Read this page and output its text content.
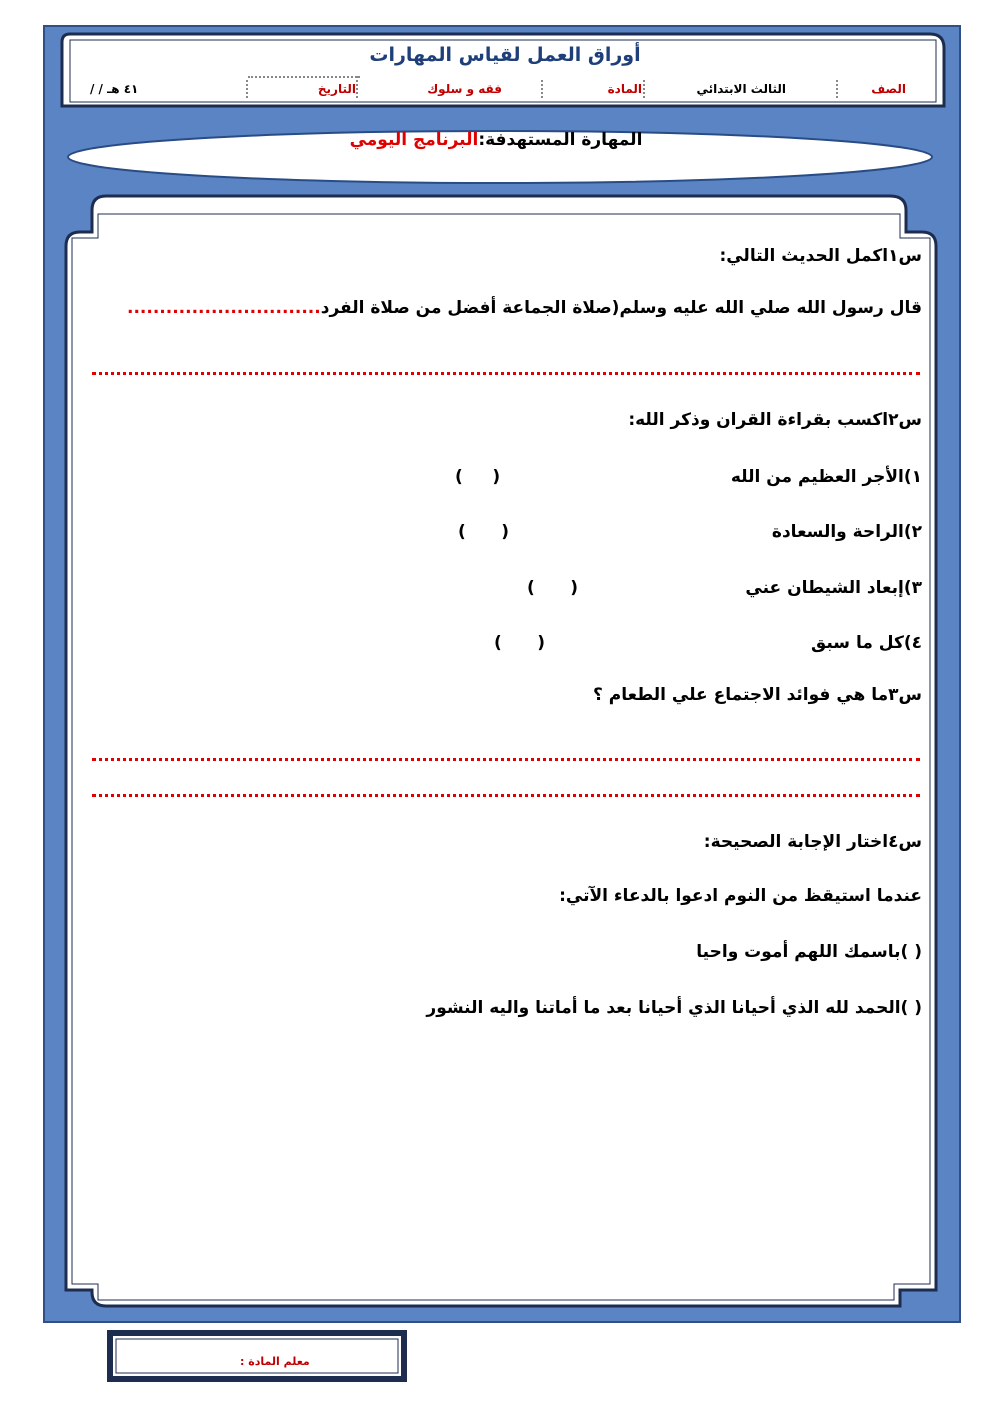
أوراق العمل لقياس المهارات
الصف
الثالث الابتدائي
المادة
فقه و سلوك
التاريخ
/ / ٤١ هـ
المهارة المستهدفة:البرنامج اليومي
س١اكمل الحديث التالي:
قال رسول الله صلي الله عليه وسلم(صلاة الجماعة أفضل من صلاة الفرد..............................
س٢اكسب بقراءة القران وذكر الله:
١)الأجر العظيم من الله
(     )
٢)الراحة والسعادة
(      )
٣)إبعاد الشيطان عني
(      )
٤)كل ما سبق
(      )
س٣ما هي فوائد الاجتماع علي الطعام ؟
س٤اختار الإجابة الصحيحة:
عندما استيقظ من النوم ادعوا بالدعاء الآتي:
( )باسمك اللهم أموت واحيا
( )الحمد لله الذي أحيانا الذي أحيانا بعد ما أماتنا واليه النشور
معلم المادة :
